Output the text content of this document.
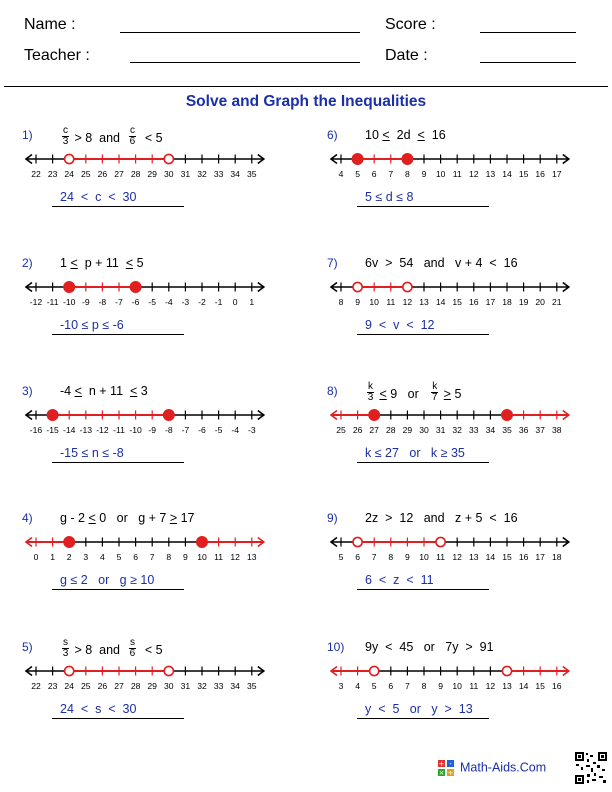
Name :
Teacher :
Score :
Date :
Solve and Graph the Inequalities
1)	$\frac{c}{3} > 8$  and $\frac{c}{6} < 5$
22 23 24 25 26 27 28 29 30 31 32 33 34 35
24  <  c  <  30
2) 1 <  p + 11  < 5
-12 -11 -10 -9 -8 -7 -6 -5 -4 -3 -2 -1 0 1
-10 ≤ p ≤ -6
3) -4 <  n + 11  < 3
-16 -15 -14 -13 -12 -11 -10 -9 -8 -7 -6 -5 -4 -3
-15 ≤ n ≤ -8
4) g - 2 < 0   or   g + 7 > 17
0 1 2 3 4 5 6 7 8 9 10 11 12 13
g ≤ 2   or   g ≥ 10
5)	$\frac{s}{3} > 8$  and $\frac{s}{6} < 5$
22 23 24 25 26 27 28 29 30 31 32 33 34 35
24  <  s  <  30
6) 10 <  2d  <  16
4 5 6 7 8 9 10 11 12 13 14 15 16 17
5 ≤ d ≤ 8
7) 6v  >  54   and   v + 4  <  16
8 9 10 11 12 13 14 15 16 17 18 19 20 21
9  <  v  <  12
8)	$\frac{k}{3} < 9$   or $\frac{k}{7} > 5$
25 26 27 28 29 30 31 32 33 34 35 36 37 38
k ≤ 27   or   k ≥ 35
9) 2z  >  12   and   z + 5  <  16
5 6 7 8 9 10 11 12 13 14 15 16 17 18
6  <  z  <  11
10) 9y  <  45   or   7y  >  91
3 4 5 6 7 8 9 10 11 12 13 14 15 16
y  <  5   or   y  >  13
+ -
× ÷ Math-Aids.Com
